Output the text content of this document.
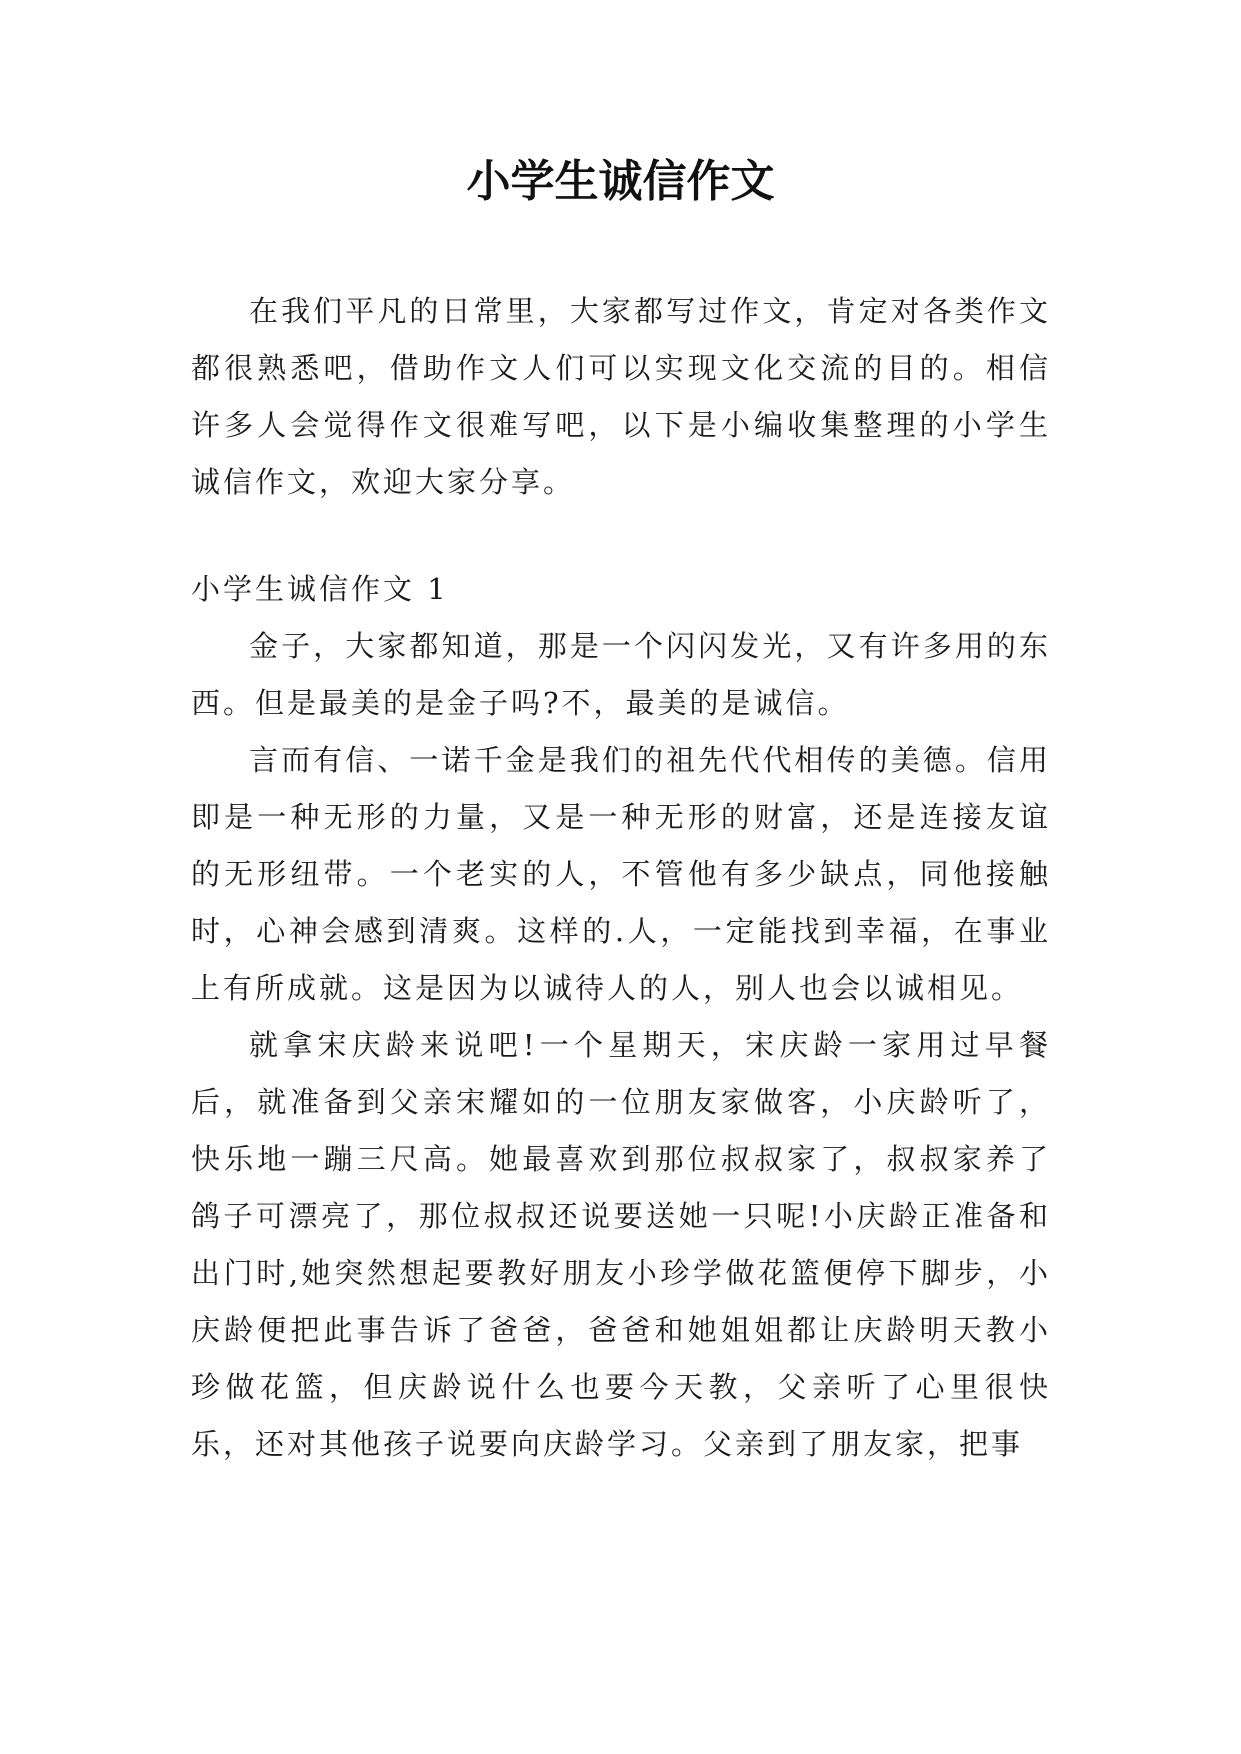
小学生诚信作文

在我们平凡的日常里，大家都写过作文，肯定对各类作文都很熟悉吧，借助作文人们可以实现文化交流的目的。相信许多人会觉得作文很难写吧，以下是小编收集整理的小学生诚信作文，欢迎大家分享。

小学生诚信作文 1

金子，大家都知道，那是一个闪闪发光，又有许多用的东西。但是最美的是金子吗?不，最美的是诚信。

言而有信、一诺千金是我们的祖先代代相传的美德。信用即是一种无形的力量，又是一种无形的财富，还是连接友谊的无形纽带。一个老实的人，不管他有多少缺点，同他接触时，心神会感到清爽。这样的.人，一定能找到幸福，在事业上有所成就。这是因为以诚待人的人，别人也会以诚相见。

就拿宋庆龄来说吧!一个星期天，宋庆龄一家用过早餐后，就准备到父亲宋耀如的一位朋友家做客，小庆龄听了，快乐地一蹦三尺高。她最喜欢到那位叔叔家了，叔叔家养了鸽子可漂亮了，那位叔叔还说要送她一只呢!小庆龄正准备和出门时,她突然想起要教好朋友小珍学做花篮便停下脚步，小庆龄便把此事告诉了爸爸，爸爸和她姐姐都让庆龄明天教小珍做花篮，但庆龄说什么也要今天教，父亲听了心里很快乐，还对其他孩子说要向庆龄学习。父亲到了朋友家，把事
